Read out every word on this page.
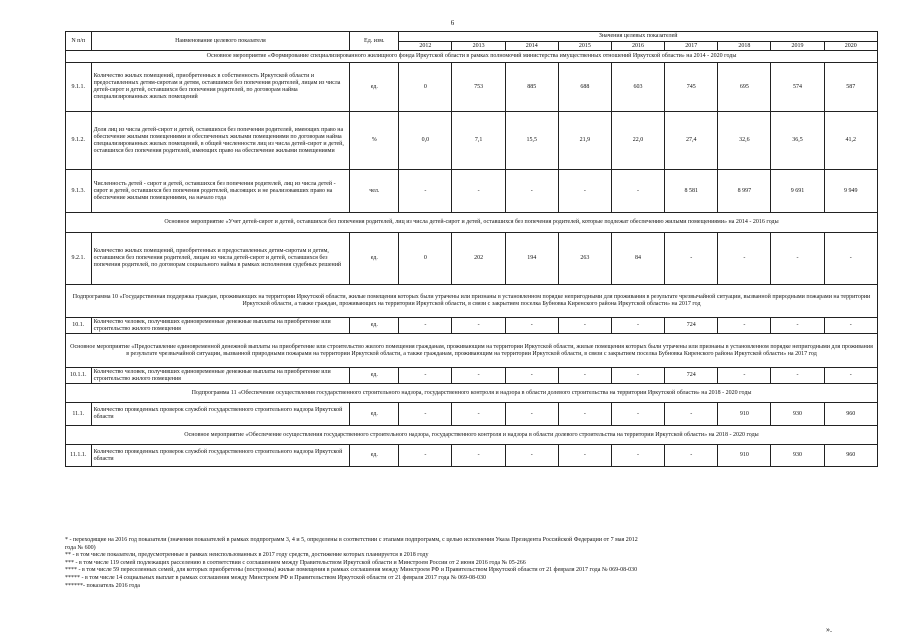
6
N п/п	Наименование целевого показателя	Ед. изм.	Значения целевых показателей								
			2012	2013	2014	2015	2016	2017	2018	2019	2020
Основное мероприятие «Формирование специализированного жилищного фонда Иркутской области в рамках полномочий министерства имущественных отношений Иркутской области» на 2014 - 2020 годы											
9.1.1.	Количество жилых помещений, приобретенных в собственность Иркутской области и предоставленных детям-сиротам и детям, оставшимся без попечения родителей, лицам из числа детей-сирот и детей, оставшихся без попечения родителей, по договорам найма специализированных жилых помещений	ед.	0	753	885	688	603	745	695	574	587
9.1.2.	Доля лиц из числа детей-сирот и детей, оставшихся без попечения родителей, имеющих право на обеспечение жилыми помещениями и обеспеченных жилыми помещениями по договорам найма специализированных жилых помещений, в общей численности лиц из числа детей-сирот и детей, оставшихся без попечения родителей, имеющих право на обеспечение жилыми помещениями	%	0,0	7,1	15,5	21,9	22,0	27,4	32,6	36,5	41,2
9.1.3.	Численность детей - сирот и детей, оставшихся без попечения родителей, лиц из числа детей - сирот и детей, оставшихся без попечения родителей, высоящих и не реализовавших право на обеспечение жилыми помещениями, на начало года	чел.	-	-	-	-	-	8 581	8 997	9 691	9 949
Основное мероприятие «Учет детей-сирот и детей, оставшихся без попечения родителей, лиц из числа детей-сирот и детей, оставшихся без попечения родителей, которые подлежат обеспечению жилыми помещениями» на 2014 - 2016 годы											
9.2.1.	Количество жилых помещений, приобретенных и предоставленных детям-сиротам и детям, оставшимся без попечения родителей, лицам из числа детей-сирот и детей, оставшихся без попечения родителей, по договорам социального найма в рамках исполнения судебных решений	ед.	0	202	194	263	84	-	-	-	-
Подпрограмма 10 «Государственная поддержка граждан, проживающих на территории Иркутской области, жилые помещения которых были утрачены или признаны в установленном порядке непригодными для проживания в результате чрезвычайной ситуации, вызванной природными пожарами на территории Иркутской области, а также граждан, проживающих на территории Иркутской области, в связи с закрытием поселка Бубновка Киренского района Иркутской области» на 2017 год											
10.1.	Количество человек, получивших единовременные денежные выплаты на приобретение или строительство жилого помещения	ед.	-	-	-	-	-	724	-	-	-
Основное мероприятие «Предоставление единовременной денежной выплаты на приобретение или строительство жилого помещения гражданам, проживающим на территории Иркутской области, жилые помещения которых были утрачены или признаны в установленном порядке непригодными для проживания в результате чрезвычайной ситуации, вызванной природными пожарами на территории Иркутской области, а также гражданам, проживающим на территории Иркутской области, в связи с закрытием поселка Бубновка Киренского района Иркутской области» на 2017 год											
10.1.1.	Количество человек, получивших единовременные денежные выплаты на приобретение или строительство жилого помещения	ед.	-	-	-	-	-	724	-	-	-
Подпрограмма 11 «Обеспечение осуществления государственного строительного надзора, государственного контроля и надзора в области долевого строительства на территории Иркутской области» на 2018 - 2020 годы											
11.1.	Количество проведенных проверок службой государственного строительного надзора Иркутской области	ед.	-	-	-	-	-	-	910	930	960
Основное мероприятие «Обеспечение осуществления государственного строительного надзора, государственного контроля и надзора в области долевого строительства на территории Иркутской области» на 2018 - 2020 годы											
11.1.1.	Количество проведенных проверок службой государственного строительного надзора Иркутской области	ед.	-	-	-	-	-	-	910	930	960
* - переходящие на 2016 год показатели (значения показателей в рамках подпрограмм 3, 4 и 5, определены в соответствии с этапами подпрограмм, с целью исполнения Указа Президента Российской Федерации от 7 мая 2012
года № 600)
** - в том числе показатели, предусмотренные в рамках неиспользованных в 2017 году средств, достижение которых планируется в 2018 году
*** - в том числе 119 семей подлежащих расселению в соответствии с соглашением между Правительством Иркутской области и Минстроем России от 2 июня 2016 года № 05-266
**** - в том числе 59 переселенных семей, для которых приобретены (построены) жилые помещения в рамках соглашения между Минстроем РФ и Правительством Иркутской области от 21 февраля 2017 года № 069-08-030
***** - в том числе 14 социальных выплат в рамках соглашения между Минстроем РФ и Правительством Иркутской области от 21 февраля 2017 года № 069-08-030
******- показатель 2016 года
».
